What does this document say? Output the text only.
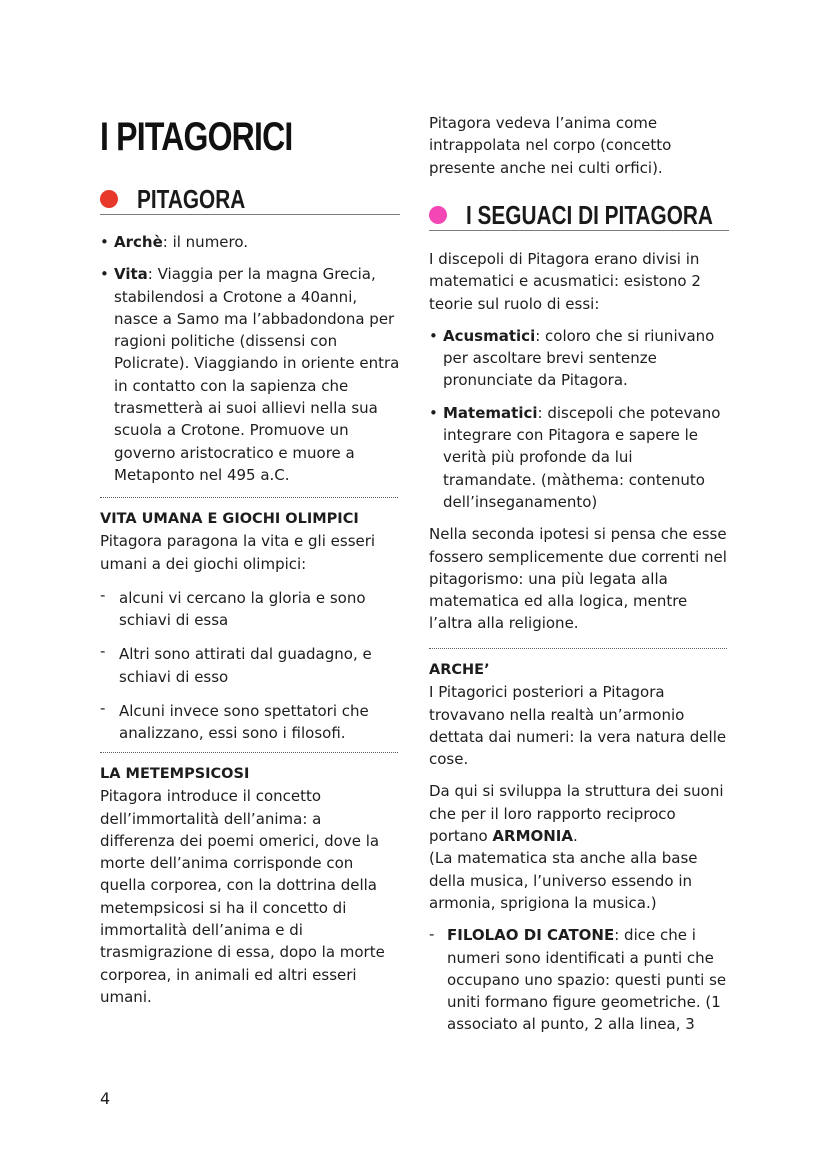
I PITAGORICI
PITAGORA

• Archè: il numero.

• Vita: Viaggia per la magna Grecia, stabilendosi a Crotone a 40anni, nasce a Samo ma l’abbadondona per ragioni politiche (dissensi con Policrate). Viaggiando in oriente entra in contatto con la sapienza che trasmetterà ai suoi allievi nella sua scuola a Crotone. Promuove un governo aristocratico e muore a Metaponto nel 495 a.C.

VITA UMANA E GIOCHI OLIMPICI

Pitagora paragona la vita e gli esseri umani a dei giochi olimpici:

- alcuni vi cercano la gloria e sono schiavi di essa

- Altri sono attirati dal guadagno, e schiavi di esso

- Alcuni invece sono spettatori che analizzano, essi sono i filosofi.

LA METEMPSICOSI

Pitagora introduce il concetto dell’immortalità dell’anima: a differenza dei poemi omerici, dove la morte dell’anima corrisponde con quella corporea, con la dottrina della metempsicosi si ha il concetto di immortalità dell’anima e di trasmigrazione di essa, dopo la morte corporea, in animali ed altri esseri umani.

Pitagora vedeva l’anima come intrappolata nel corpo (concetto presente anche nei culti orfici).

I SEGUACI DI PITAGORA

I discepoli di Pitagora erano divisi in matematici e acusmatici: esistono 2 teorie sul ruolo di essi:

• Acusmatici: coloro che si riunivano per ascoltare brevi sentenze pronunciate da Pitagora.

• Matematici: discepoli che potevano integrare con Pitagora e sapere le verità più profonde da lui tramandate. (màthema: contenuto dell’inseganamento)

Nella seconda ipotesi si pensa che esse fossero semplicemente due correnti nel pitagorismo: una più legata alla matematica ed alla logica, mentre l’altra alla religione.

ARCHE’

I Pitagorici posteriori a Pitagora trovavano nella realtà un’armonio dettata dai numeri: la vera natura delle cose.

Da qui si sviluppa la struttura dei suoni che per il loro rapporto reciproco portano ARMONIA.

(La matematica sta anche alla base della musica, l’universo essendo in armonia, sprigiona la musica.)

- FILOLAO DI CATONE: dice che i numeri sono identificati a punti che occupano uno spazio: questi punti se uniti formano figure geometriche. (1 associato al punto, 2 alla linea, 3

4
